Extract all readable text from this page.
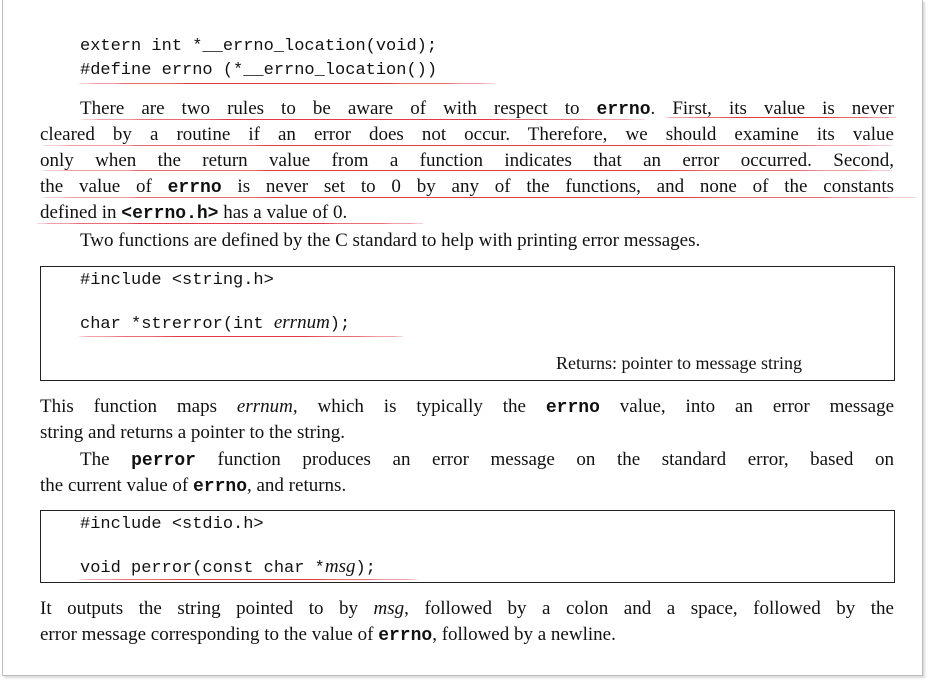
extern int *__errno_location(void);
#define errno (*__errno_location())
There are two rules to be aware of with respect to errno. First, its value is never
cleared by a routine if an error does not occur. Therefore, we should examine its value
only when the return value from a function indicates that an error occurred. Second,
the value of errno is never set to 0 by any of the functions, and none of the constants
defined in <errno.h> has a value of 0.
Two functions are defined by the C standard to help with printing error messages.
#include <string.h>
char *strerror(int errnum);
Returns: pointer to message string
This function maps errnum, which is typically the errno value, into an error message
string and returns a pointer to the string.
The perror function produces an error message on the standard error, based on
the current value of errno, and returns.
#include <stdio.h>
void perror(const char *msg);
It outputs the string pointed to by msg, followed by a colon and a space, followed by the
error message corresponding to the value of errno, followed by a newline.
